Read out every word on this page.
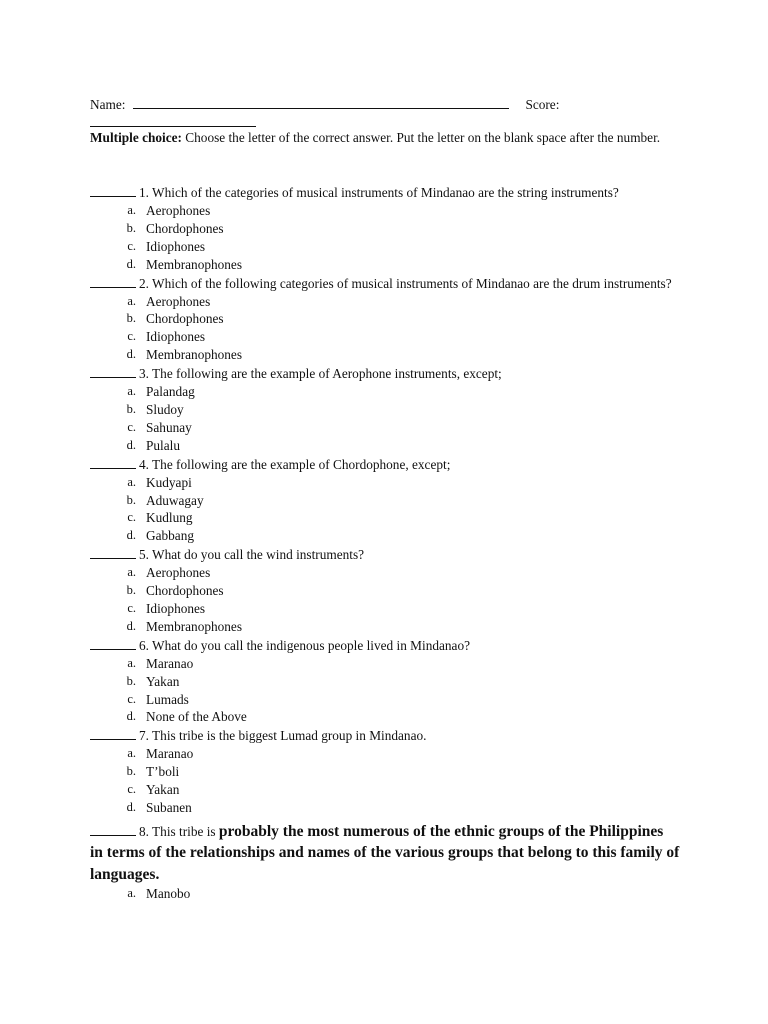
Name:	Score:
Multiple choice: Choose the letter of the correct answer. Put the letter on the blank space after the number.

1. Which of the categories of musical instruments of Mindanao are the string instruments?

a. Aerophones
b. Chordophones
c. Idiophones
d. Membranophones

2. Which of the following categories of musical instruments of Mindanao are the drum instruments?

a. Aerophones
b. Chordophones
c. Idiophones
d. Membranophones

3. The following are the example of Aerophone instruments, except;

a. Palandag
b. Sludoy
c. Sahunay
d. Pulalu

4. The following are the example of Chordophone, except;

a. Kudyapi
b. Aduwagay
c. Kudlung
d. Gabbang

5. What do you call the wind instruments?

a. Aerophones
b. Chordophones
c. Idiophones
d. Membranophones

6. What do you call the indigenous people lived in Mindanao?

a. Maranao
b. Yakan
c. Lumads
d. None of the Above

7. This tribe is the biggest Lumad group in Mindanao.

a. Maranao
b. T’boli
c. Yakan
d. Subanen

8. This tribe is probably the most numerous of the ethnic groups of the Philippines in terms of the relationships and names of the various groups that belong to this family of languages.

a. Manobo
